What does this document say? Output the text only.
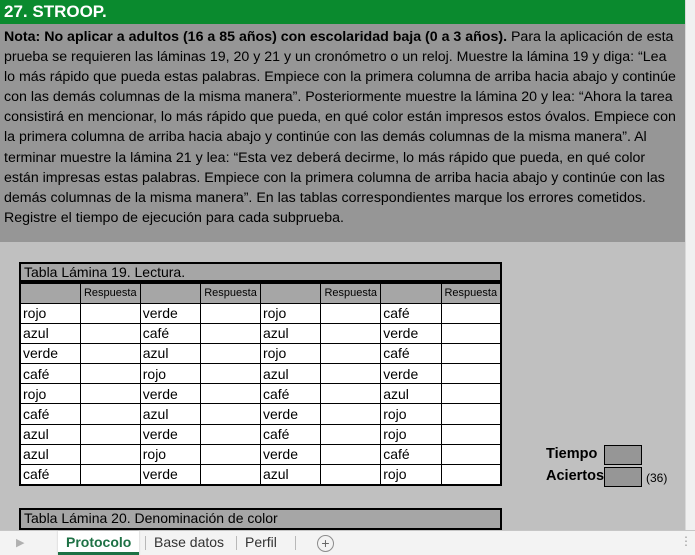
27. STROOP.
Nota: No aplicar a adultos (16 a 85 años) con escolaridad baja (0 a 3 años). Para la aplicación de esta prueba se requieren las láminas 19, 20 y 21 y un cronómetro o un reloj. Muestre la lámina 19 y diga: “Lea lo más rápido que pueda estas palabras. Empiece con la primera columna de arriba hacia abajo y continúe con las demás columnas de la misma manera”. Posteriormente muestre la lámina 20 y lea: “Ahora la tarea consistirá en mencionar, lo más rápido que pueda, en qué color están impresos estos óvalos. Empiece con la primera columna de arriba hacia abajo y continúe con las demás columnas de la misma manera”. Al terminar muestre la lámina 21 y lea: “Esta vez deberá decirme, lo más rápido que pueda, en qué color están impresas estas palabras. Empiece con la primera columna de arriba hacia abajo y continúe con las demás columnas de la misma manera”. En las tablas correspondientes marque los errores cometidos. Registre el tiempo de ejecución para cada subprueba.
Tabla Lámina 19. Lectura.
	Respuesta		Respuesta		Respuesta		Respuesta
rojo		verde		rojo		café	
azul		café		azul		verde	
verde		azul		rojo		café	
café		rojo		azul		verde	
rojo		verde		café		azul	
café		azul		verde		rojo	
azul		verde		café		rojo	
azul		rojo		verde		café	
café		verde		azul		rojo	
Tiempo
Aciertos	(36)
Tabla Lámina 20. Denominación de color
▶	Protocolo	Base datos	Perfil	+	⋮
